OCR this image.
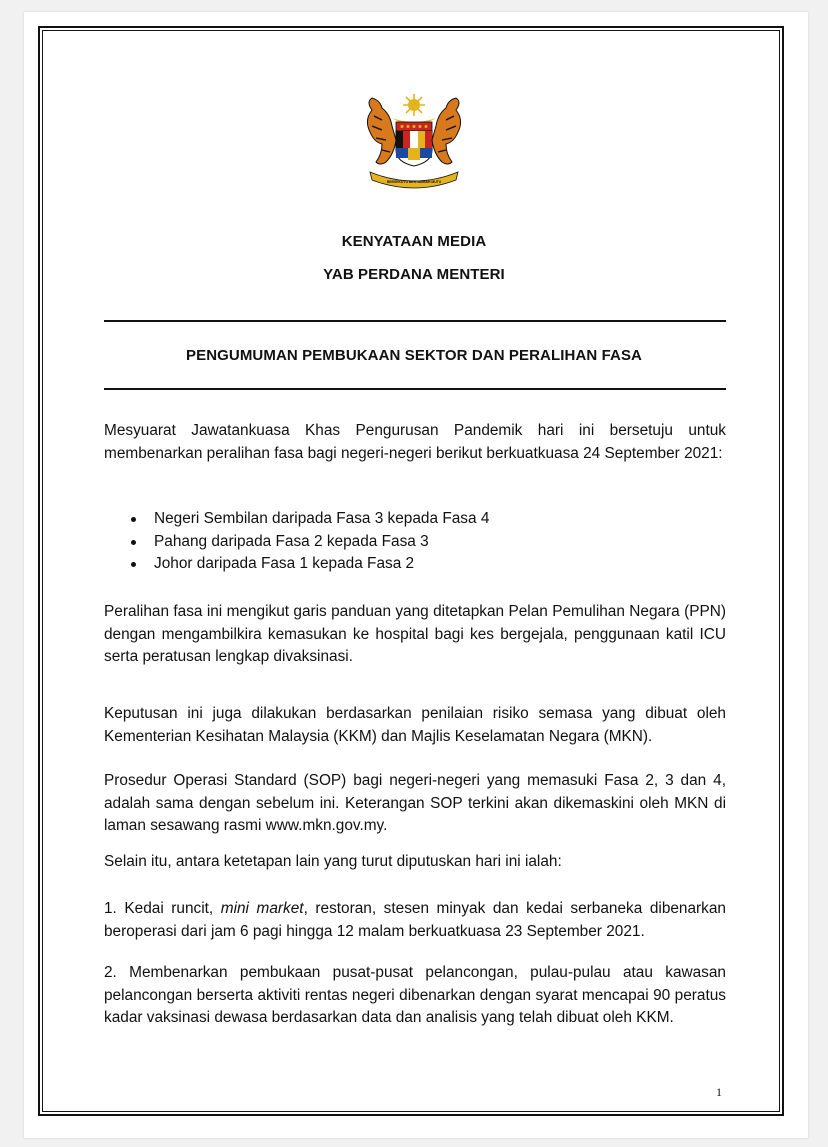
BERSEKUTU BERTAMBAH MUTU
KENYATAAN MEDIA
YAB PERDANA MENTERI
PENGUMUMAN PEMBUKAAN SEKTOR DAN PERALIHAN FASA

Mesyuarat Jawatankuasa Khas Pengurusan Pandemik hari ini bersetuju untuk membenarkan peralihan fasa bagi negeri-negeri berikut berkuatkuasa 24 September 2021:

Negeri Sembilan daripada Fasa 3 kepada Fasa 4
Pahang daripada Fasa 2 kepada Fasa 3
Johor daripada Fasa 1 kepada Fasa 2

Peralihan fasa ini mengikut garis panduan yang ditetapkan Pelan Pemulihan Negara (PPN) dengan mengambilkira kemasukan ke hospital bagi kes bergejala, penggunaan katil ICU serta peratusan lengkap divaksinasi.

Keputusan ini juga dilakukan berdasarkan penilaian risiko semasa yang dibuat oleh Kementerian Kesihatan Malaysia (KKM) dan Majlis Keselamatan Negara (MKN).

Prosedur Operasi Standard (SOP) bagi negeri-negeri yang memasuki Fasa 2, 3 dan 4, adalah sama dengan sebelum ini. Keterangan SOP terkini akan dikemaskini oleh MKN di laman sesawang rasmi www.mkn.gov.my.

Selain itu, antara ketetapan lain yang turut diputuskan hari ini ialah:

1. Kedai runcit, mini market, restoran, stesen minyak dan kedai serbaneka dibenarkan beroperasi dari jam 6 pagi hingga 12 malam berkuatkuasa 23 September 2021.

2. Membenarkan pembukaan pusat-pusat pelancongan, pulau-pulau atau kawasan pelancongan berserta aktiviti rentas negeri dibenarkan dengan syarat mencapai 90 peratus kadar vaksinasi dewasa berdasarkan data dan analisis yang telah dibuat oleh KKM.

1
